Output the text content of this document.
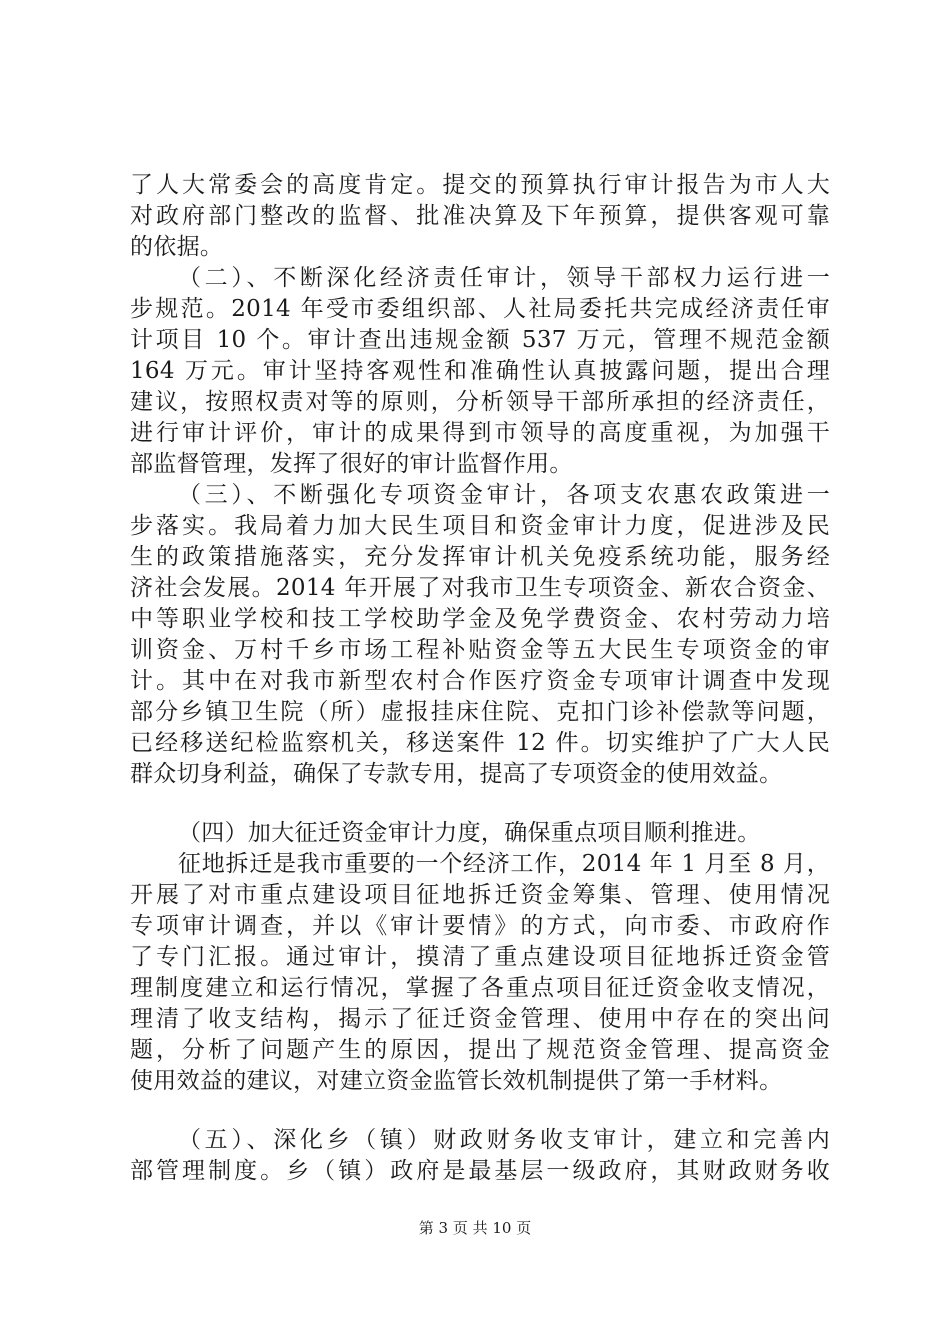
了人大常委会的高度肯定。提交的预算执行审计报告为市人大
对政府部门整改的监督、批准决算及下年预算，提供客观可靠
的依据。
（二）、不断深化经济责任审计，领导干部权力运行进一
步规范。2014 年受市委组织部、人社局委托共完成经济责任审
计项目 10 个。审计查出违规金额 537 万元，管理不规范金额
164 万元。审计坚持客观性和准确性认真披露问题，提出合理
建议，按照权责对等的原则，分析领导干部所承担的经济责任，
进行审计评价，审计的成果得到市领导的高度重视，为加强干
部监督管理，发挥了很好的审计监督作用。
（三）、不断强化专项资金审计，各项支农惠农政策进一
步落实。我局着力加大民生项目和资金审计力度，促进涉及民
生的政策措施落实，充分发挥审计机关免疫系统功能，服务经
济社会发展。2014 年开展了对我市卫生专项资金、新农合资金、
中等职业学校和技工学校助学金及免学费资金、农村劳动力培
训资金、万村千乡市场工程补贴资金等五大民生专项资金的审
计。其中在对我市新型农村合作医疗资金专项审计调查中发现
部分乡镇卫生院（所）虚报挂床住院、克扣门诊补偿款等问题，
已经移送纪检监察机关，移送案件 12 件。切实维护了广大人民
群众切身利益，确保了专款专用，提高了专项资金的使用效益。
（四）加大征迁资金审计力度，确保重点项目顺利推进。
征地拆迁是我市重要的一个经济工作，2014 年 1 月至 8 月，
开展了对市重点建设项目征地拆迁资金筹集、管理、使用情况
专项审计调查，并以《审计要情》的方式，向市委、市政府作
了专门汇报。通过审计，摸清了重点建设项目征地拆迁资金管
理制度建立和运行情况，掌握了各重点项目征迁资金收支情况，
理清了收支结构，揭示了征迁资金管理、使用中存在的突出问
题，分析了问题产生的原因，提出了规范资金管理、提高资金
使用效益的建议，对建立资金监管长效机制提供了第一手材料。
（五）、深化乡（镇）财政财务收支审计，建立和完善内
部管理制度。乡（镇）政府是最基层一级政府，其财政财务收
第 3 页 共 10 页
